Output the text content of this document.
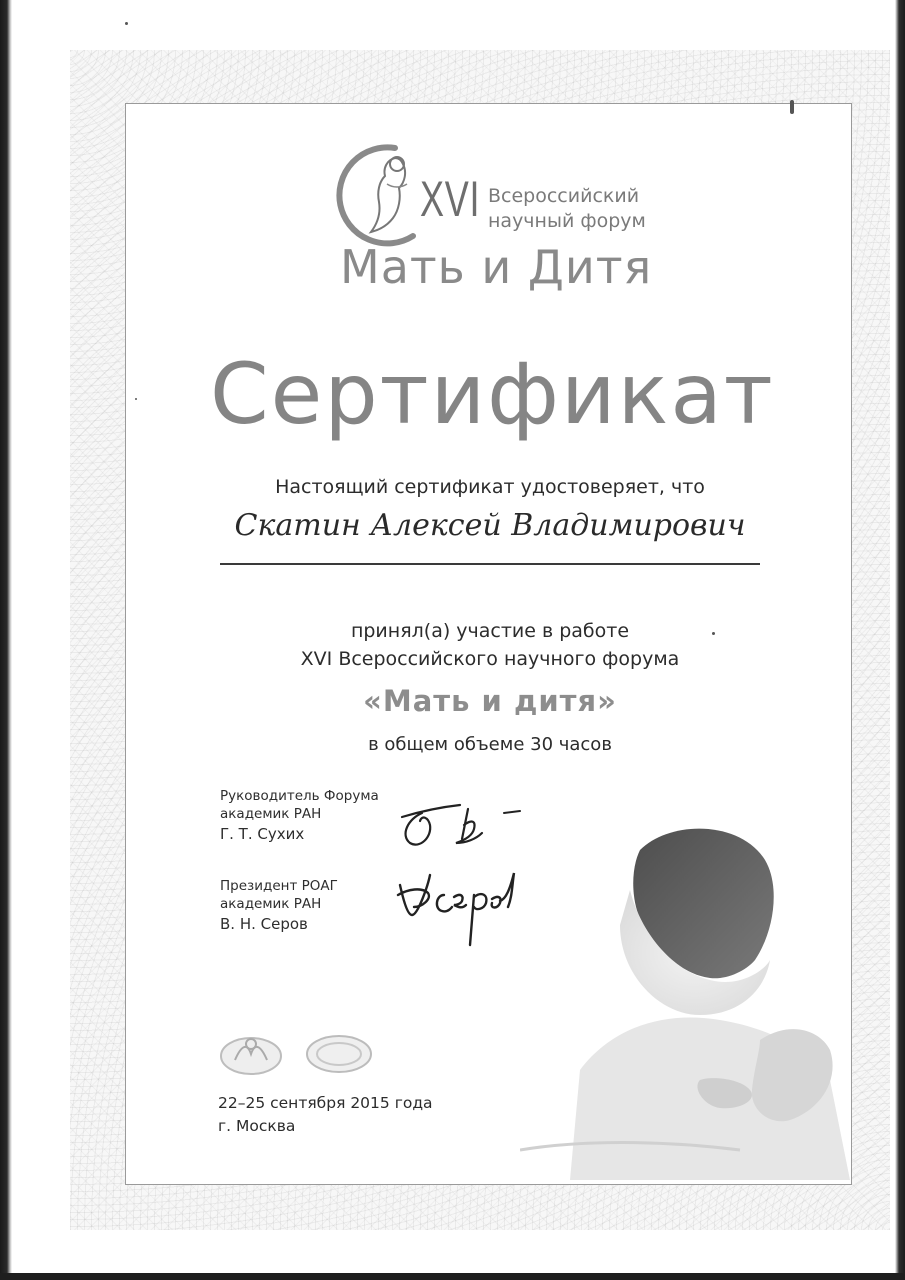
XVI Всероссийский
научный форум
Мать и Дитя
Сертификат
Настоящий сертификат удостоверяет, что
Скатин Алексей Владимирович
принял(а) участие в работе
XVI Всероссийского научного форума
«Мать и дитя»
в общем объеме 30 часов
Руководитель Форума
академик РАН
Г. Т. Сухих
Президент РОАГ
академик РАН
В. Н. Серов
22–25 сентября 2015 года
г. Москва
